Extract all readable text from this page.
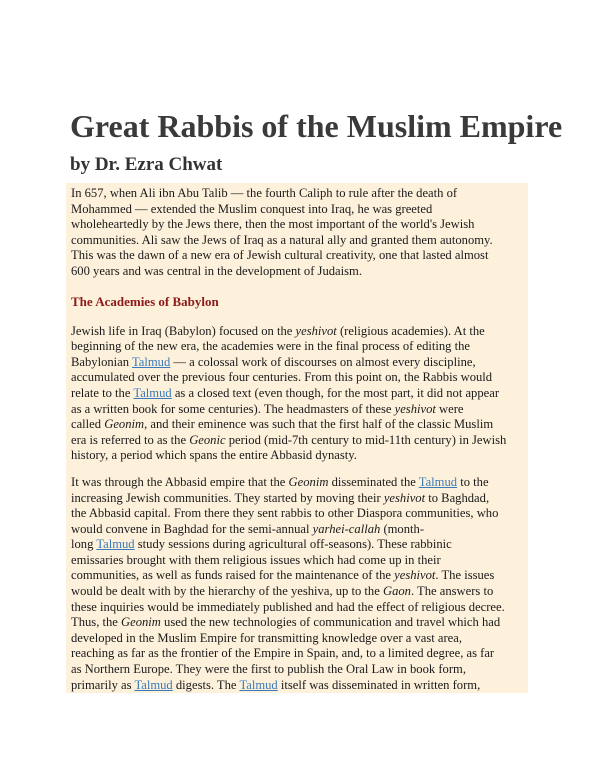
Great Rabbis of the Muslim Empire
by Dr. Ezra Chwat
In 657, when Ali ibn Abu Talib — the fourth Caliph to rule after the death of
Mohammed — extended the Muslim conquest into Iraq, he was greeted
wholeheartedly by the Jews there, then the most important of the world's Jewish
communities. Ali saw the Jews of Iraq as a natural ally and granted them autonomy.
This was the dawn of a new era of Jewish cultural creativity, one that lasted almost
600 years and was central in the development of Judaism.
The Academies of Babylon
Jewish life in Iraq (Babylon) focused on the yeshivot (religious academies). At the
beginning of the new era, the academies were in the final process of editing the
Babylonian Talmud — a colossal work of discourses on almost every discipline,
accumulated over the previous four centuries. From this point on, the Rabbis would
relate to the Talmud as a closed text (even though, for the most part, it did not appear
as a written book for some centuries). The headmasters of these yeshivot were
called Geonim, and their eminence was such that the first half of the classic Muslim
era is referred to as the Geonic period (mid-7th century to mid-11th century) in Jewish
history, a period which spans the entire Abbasid dynasty.
It was through the Abbasid empire that the Geonim disseminated the Talmud to the
increasing Jewish communities. They started by moving their yeshivot to Baghdad,
the Abbasid capital. From there they sent rabbis to other Diaspora communities, who
would convene in Baghdad for the semi-annual yarhei-callah (month-
long Talmud study sessions during agricultural off-seasons). These rabbinic
emissaries brought with them religious issues which had come up in their
communities, as well as funds raised for the maintenance of the yeshivot. The issues
would be dealt with by the hierarchy of the yeshiva, up to the Gaon. The answers to
these inquiries would be immediately published and had the effect of religious decree.
Thus, the Geonim used the new technologies of communication and travel which had
developed in the Muslim Empire for transmitting knowledge over a vast area,
reaching as far as the frontier of the Empire in Spain, and, to a limited degree, as far
as Northern Europe. They were the first to publish the Oral Law in book form,
primarily as Talmud digests. The Talmud itself was disseminated in written form,
